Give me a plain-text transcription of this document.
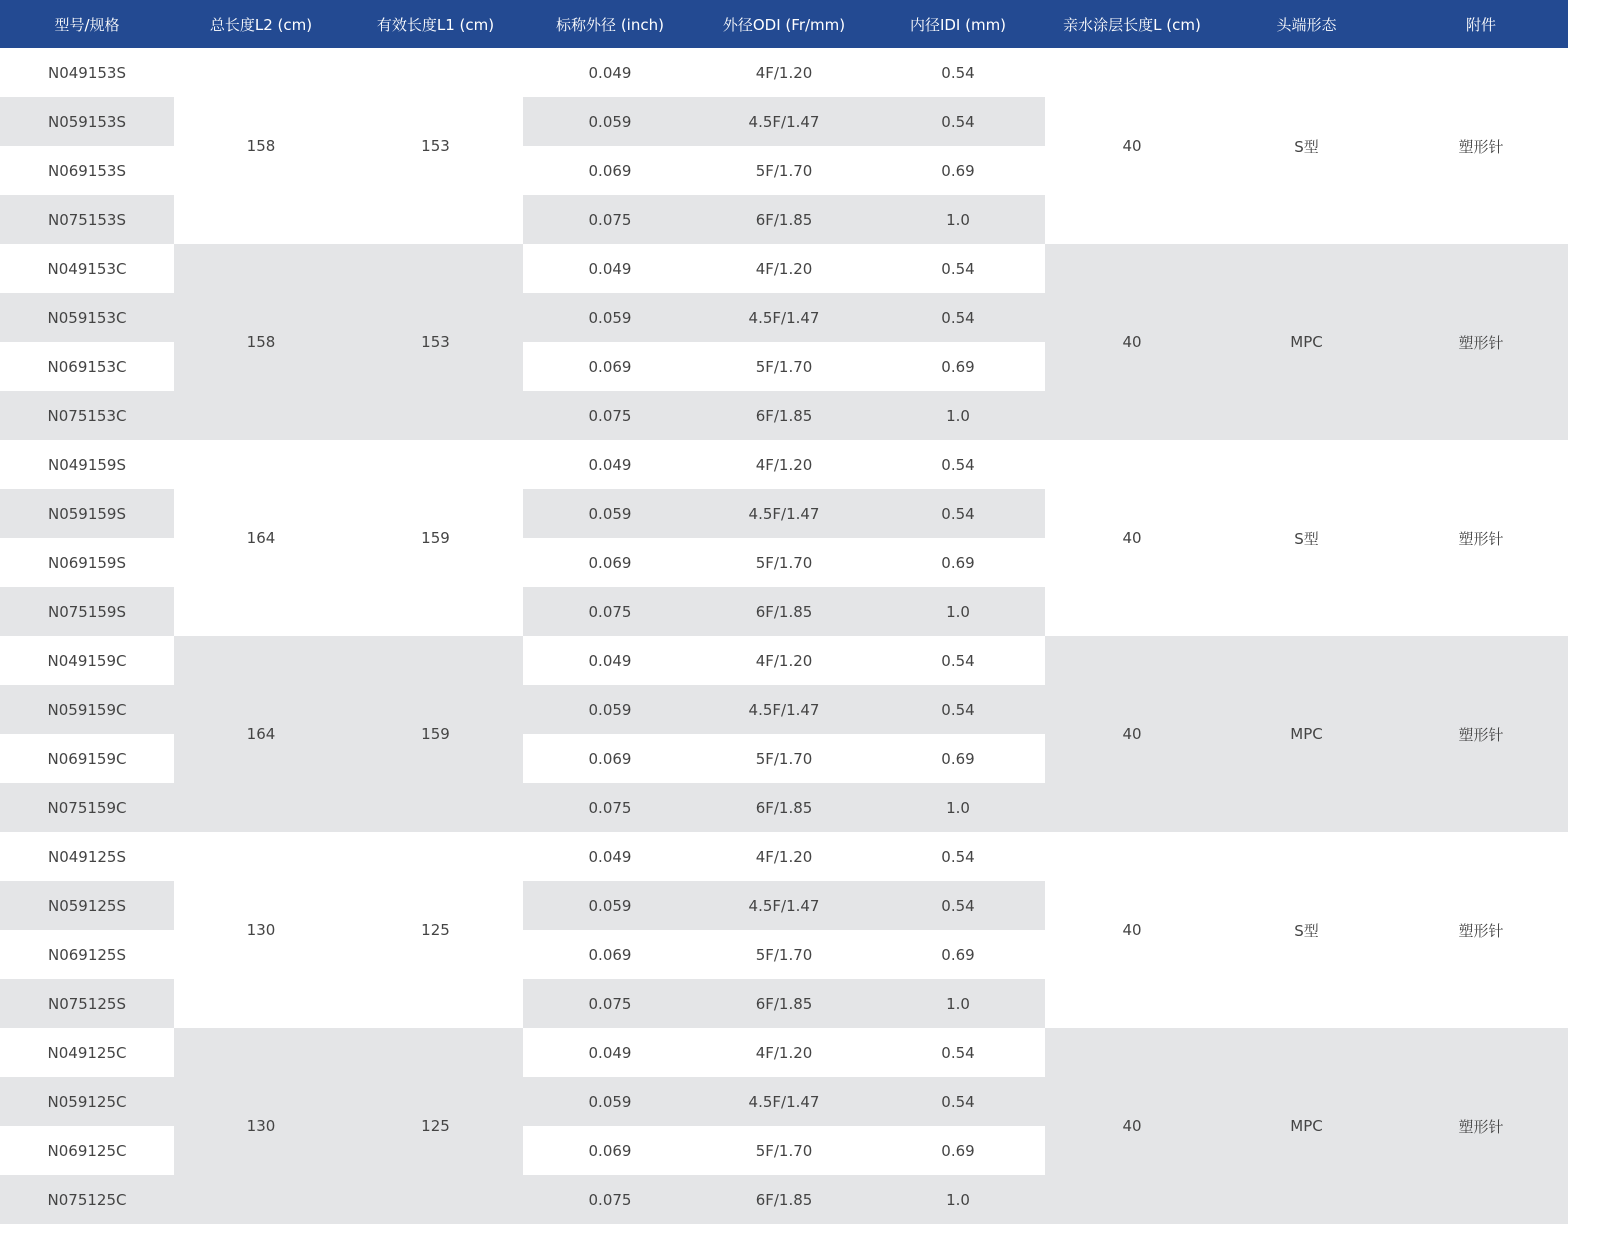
型号/规格	总长度L2 (cm)	有效长度L1 (cm)	标称外径 (inch)	外径ODI (Fr/mm)	内径IDI (mm)	亲水涂层长度L (cm)	头端形态	附件
N049153S	158	153	0.049	4F/1.20	0.54	40	S型	塑形针
N059153S			0.059	4.5F/1.47	0.54			
N069153S			0.069	5F/1.70	0.69			
N075153S			0.075	6F/1.85	1.0			
N049153C	158	153	0.049	4F/1.20	0.54	40	MPC	塑形针
N059153C			0.059	4.5F/1.47	0.54			
N069153C			0.069	5F/1.70	0.69			
N075153C			0.075	6F/1.85	1.0			
N049159S	164	159	0.049	4F/1.20	0.54	40	S型	塑形针
N059159S			0.059	4.5F/1.47	0.54			
N069159S			0.069	5F/1.70	0.69			
N075159S			0.075	6F/1.85	1.0			
N049159C	164	159	0.049	4F/1.20	0.54	40	MPC	塑形针
N059159C			0.059	4.5F/1.47	0.54			
N069159C			0.069	5F/1.70	0.69			
N075159C			0.075	6F/1.85	1.0			
N049125S	130	125	0.049	4F/1.20	0.54	40	S型	塑形针
N059125S			0.059	4.5F/1.47	0.54			
N069125S			0.069	5F/1.70	0.69			
N075125S			0.075	6F/1.85	1.0			
N049125C	130	125	0.049	4F/1.20	0.54	40	MPC	塑形针
N059125C			0.059	4.5F/1.47	0.54			
N069125C			0.069	5F/1.70	0.69			
N075125C			0.075	6F/1.85	1.0			
